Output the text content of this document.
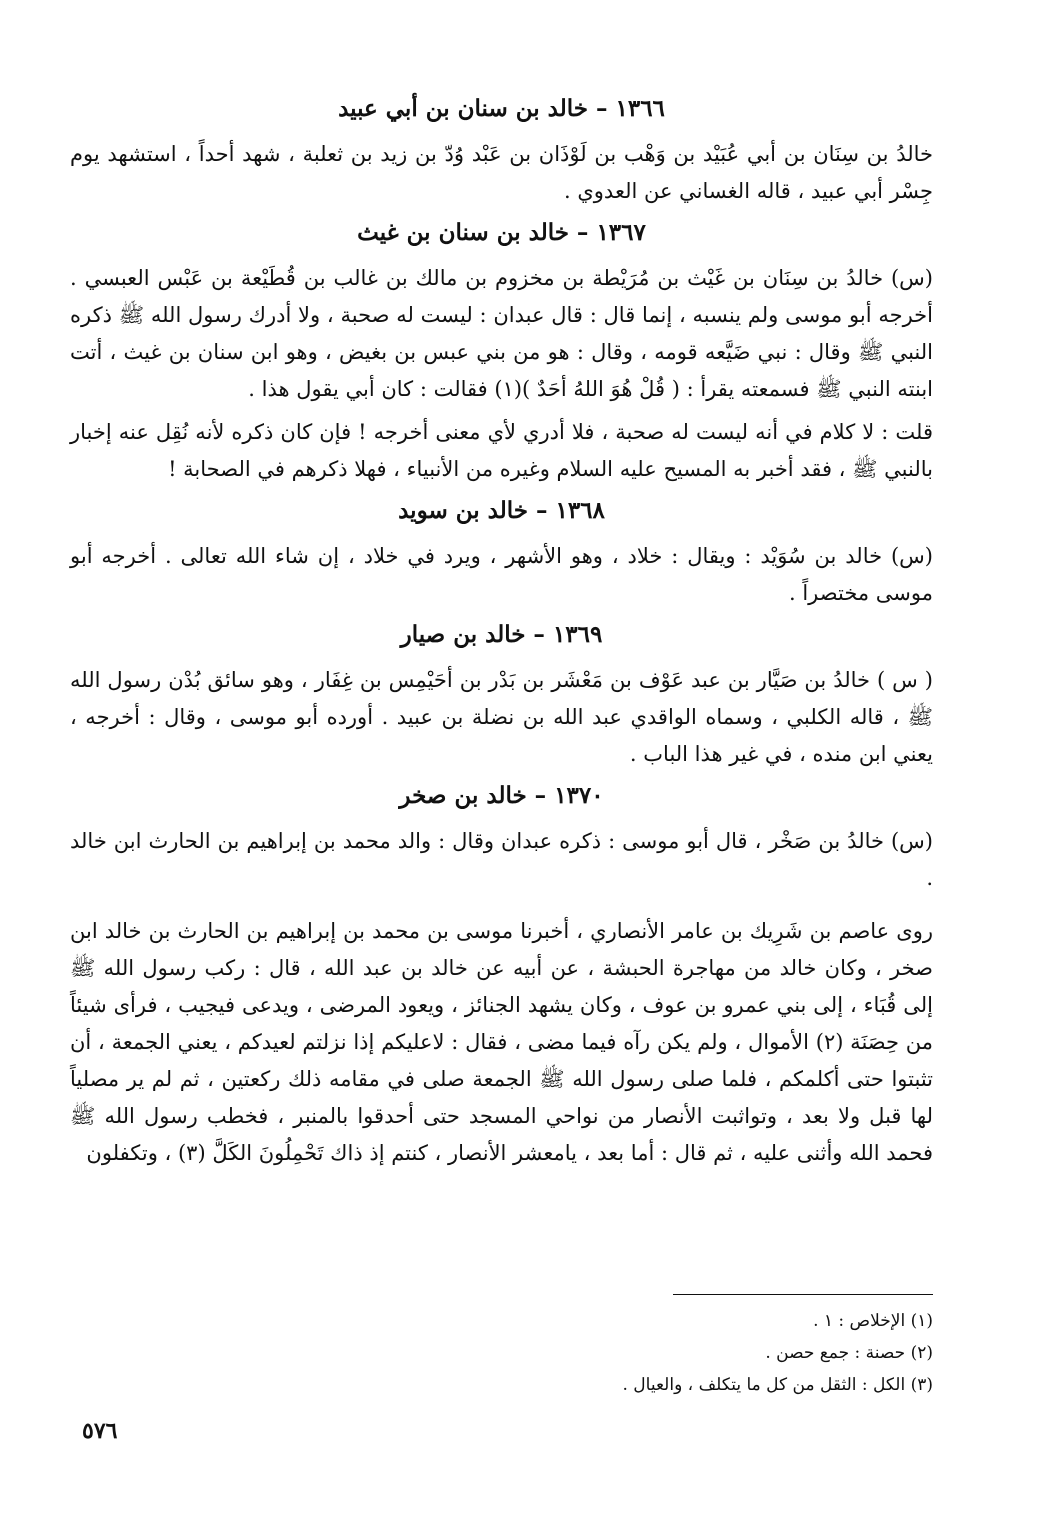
١٣٦٦ – خالد بن سنان بن أبي عبيد

خالدُ بن سِنَان بن أبي عُبَيْد بن وَهْب بن لَوْذَان بن عَبْد وُدّ بن زيد بن ثعلبة ، شهد أحداً ، استشهد يوم جِسْر أبي عبيد ، قاله الغساني عن العدوي .

١٣٦٧ – خالد بن سنان بن غيث

(س) خالدُ بن سِنَان بن غَيْث بن مُرَيْطة بن مخزوم بن مالك بن غالب بن قُطَيْعة بن عَبْس العبسي . أخرجه أبو موسى ولم ينسبه ، إنما قال : قال عبدان : ليست له صحبة ، ولا أدرك رسول الله ﷺ ذكره النبي ﷺ وقال : نبي ضَيَّعه قومه ، وقال : هو من بني عبس بن بغيض ، وهو ابن سنان بن غيث ، أتت ابنته النبي ﷺ فسمعته يقرأ : ( قُلْ هُوَ اللهُ أحَدٌ )(١) فقالت : كان أبي يقول هذا .

قلت : لا كلام في أنه ليست له صحبة ، فلا أدري لأي معنى أخرجه ! فإن كان ذكره لأنه نُقِل عنه إخبار بالنبي ﷺ ، فقد أخبر به المسيح عليه السلام وغيره من الأنبياء ، فهلا ذكرهم في الصحابة !

١٣٦٨ – خالد بن سويد

(س) خالد بن سُوَيْد : ويقال : خلاد ، وهو الأشهر ، ويرد في خلاد ، إن شاء الله تعالى . أخرجه أبو موسى مختصراً .

١٣٦٩ – خالد بن صيار

( س ) خالدُ بن صَيَّار بن عبد عَوْف بن مَعْشَر بن بَدْر بن أحَيْمِس بن غِفَار ، وهو سائق بُدْن رسول الله ﷺ ، قاله الكلبي ، وسماه الواقدي عبد الله بن نضلة بن عبيد . أورده أبو موسى ، وقال : أخرجه ، يعني ابن منده ، في غير هذا الباب .

١٣٧٠ – خالد بن صخر

(س) خالدُ بن صَخْر ، قال أبو موسى : ذكره عبدان وقال : والد محمد بن إبراهيم بن الحارث ابن خالد .

روى عاصم بن شَرِيك بن عامر الأنصاري ، أخبرنا موسى بن محمد بن إبراهيم بن الحارث بن خالد ابن صخر ، وكان خالد من مهاجرة الحبشة ، عن أبيه عن خالد بن عبد الله ، قال : ركب رسول الله ﷺ إلى قُبَاء ، إلى بني عمرو بن عوف ، وكان يشهد الجنائز ، ويعود المرضى ، ويدعى فيجيب ، فرأى شيئاً من حِصَنَة (٢) الأموال ، ولم يكن رآه فيما مضى ، فقال : لاعليكم إذا نزلتم لعيدكم ، يعني الجمعة ، أن تثبتوا حتى أكلمكم ، فلما صلى رسول الله ﷺ الجمعة صلى في مقامه ذلك ركعتين ، ثم لم ير مصلياً لها قبل ولا بعد ، وتواثبت الأنصار من نواحي المسجد حتى أحدقوا بالمنبر ، فخطب رسول الله ﷺ فحمد الله وأثنى عليه ، ثم قال : أما بعد ، يامعشر الأنصار ، كنتم إذ ذاك تَحْمِلُونَ الكَلَّ (٣) ، وتكفلون

(١) الإخلاص : ١ .
(٢) حصنة : جمع حصن .
(٣) الكل : الثقل من كل ما يتكلف ، والعيال .
٥٧٦
